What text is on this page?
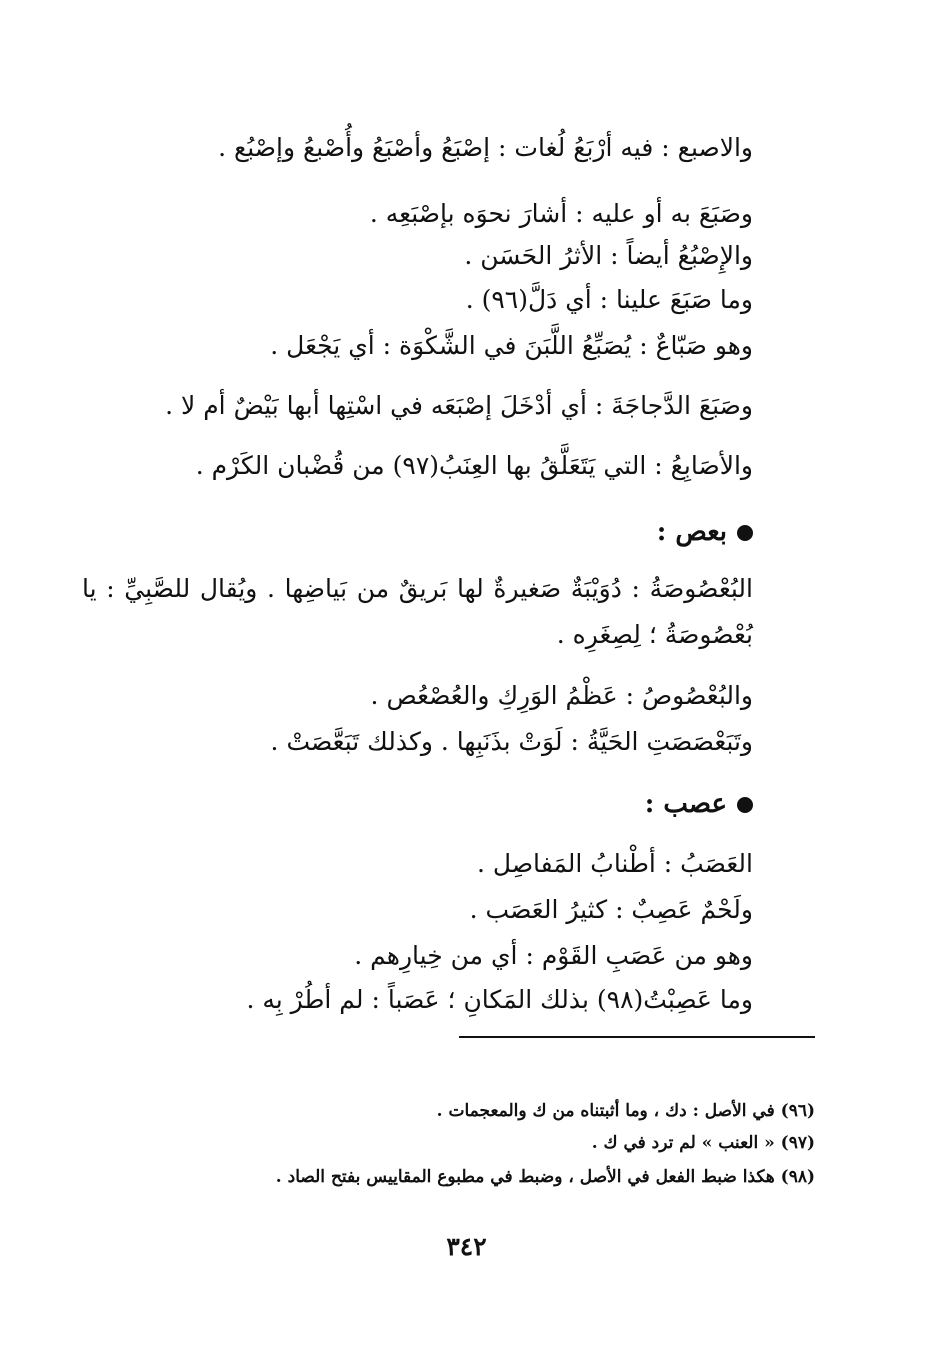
والاصبع : فيه أرْبَعُ لُغات : إصْبَعُ وأصْبَعُ وأُصْبعُ وإصْبُع .
وصَبَعَ به أو عليه : أشارَ نحوَه بإصْبَعِه .
والإِصْبُعُ أيضاً : الأثرُ الحَسَن .
وما صَبَعَ علينا : أي دَلَّ(٩٦) .
وهو صَبّاعٌ : يُصَبِّعُ اللَّبَنَ في الشَّكْوَة : أي يَجْعَل .
وصَبَعَ الدَّجاجَةَ : أي أدْخَلَ إصْبَعَه في اسْتِها أبها بَيْضٌ أم لا .
والأصَابِعُ : التي يَتَعَلَّقُ بها العِنَبُ(٩٧) من قُضْبان الكَرْم .
بعص :
البُعْصُوصَةُ : دُوَيْبَةٌ صَغيرةٌ لها بَريقٌ من بَياضِها . ويُقال للصَّبِيِّ : يا بُعْصُوصَةُ ؛ لِصِغَرِه .
والبُعْصُوصُ : عَظْمُ الوَرِكِ والعُصْعُص .
وتَبَعْصَصَتِ الحَيَّةُ : لَوَتْ بذَنَبِها . وكذلك تَبَعَّصَتْ .
عصب :
العَصَبُ : أطْنابُ المَفاصِل .
ولَحْمٌ عَصِبٌ : كثيرُ العَصَب .
وهو من عَصَبِ القَوْم : أي من خِيارِهم .
وما عَصِبْتُ(٩٨) بذلك المَكانِ ؛ عَصَباً : لم أطُرْ بِه .
(٩٦) في الأصل : دك ، وما أثبتناه من ك والمعجمات .
(٩٧) « العنب » لم ترد في ك .
(٩٨) هكذا ضبط الفعل في الأصل ، وضبط في مطبوع المقاييس بفتح الصاد .
٣٤٢
